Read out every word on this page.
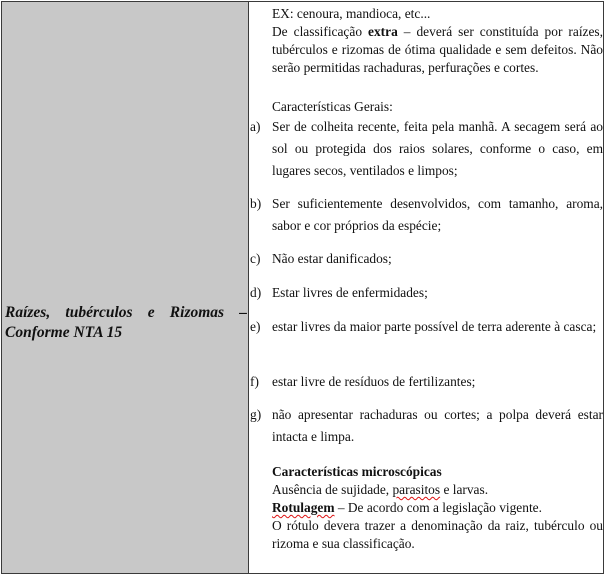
Raízes, tubérculos e Rizomas – Conforme NTA 15
EX: cenoura, mandioca, etc...
De classificação extra – deverá ser constituída por raízes, tubérculos e rizomas de ótima qualidade e sem defeitos. Não serão permitidas rachaduras, perfurações e cortes.
Características Gerais:
a) Ser de colheita recente, feita pela manhã. A secagem será ao sol ou protegida dos raios solares, conforme o caso, em lugares secos, ventilados e limpos;
b) Ser suficientemente desenvolvidos, com tamanho, aroma, sabor e cor próprios da espécie;
c) Não estar danificados;
d) Estar livres de enfermidades;
e) estar livres da maior parte possível de terra aderente à casca;
f) estar livre de resíduos de fertilizantes;
g) não apresentar rachaduras ou cortes; a polpa deverá estar intacta e limpa.
Características microscópicas
Ausência de sujidade, parasitos e larvas.
Rotulagem – De acordo com a legislação vigente.
O rótulo devera trazer a denominação da raiz, tubérculo ou rizoma e sua classificação.
